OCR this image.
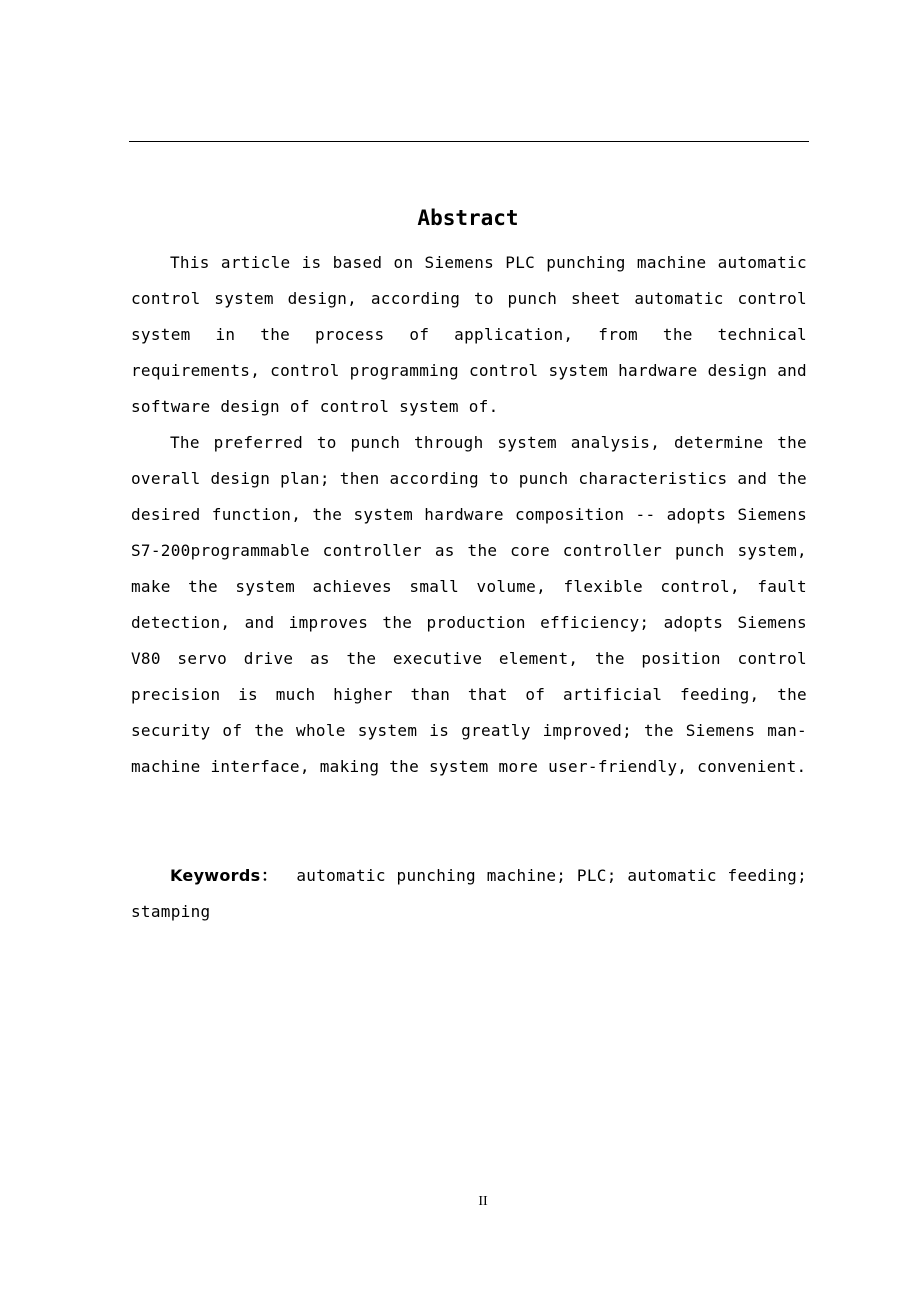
Abstract

This article is based on Siemens PLC punching machine automatic control system design, according to punch sheet automatic control system in the process of application, from the technical requirements, control programming control system hardware design and software design of control system of.

The preferred to punch through system analysis, determine the overall design plan; then according to punch characteristics and the desired function, the system hardware composition -- adopts Siemens S7-200programmable controller as the core controller punch system, make the system achieves small volume, flexible control, fault detection, and improves the production efficiency; adopts Siemens V80 servo drive as the executive element, the position control precision is much higher than that of artificial feeding, the security of the whole system is greatly improved; the Siemens man-machine interface, making the system more user-friendly, convenient.

Keywords： automatic punching machine; PLC; automatic feeding; stamping

II
